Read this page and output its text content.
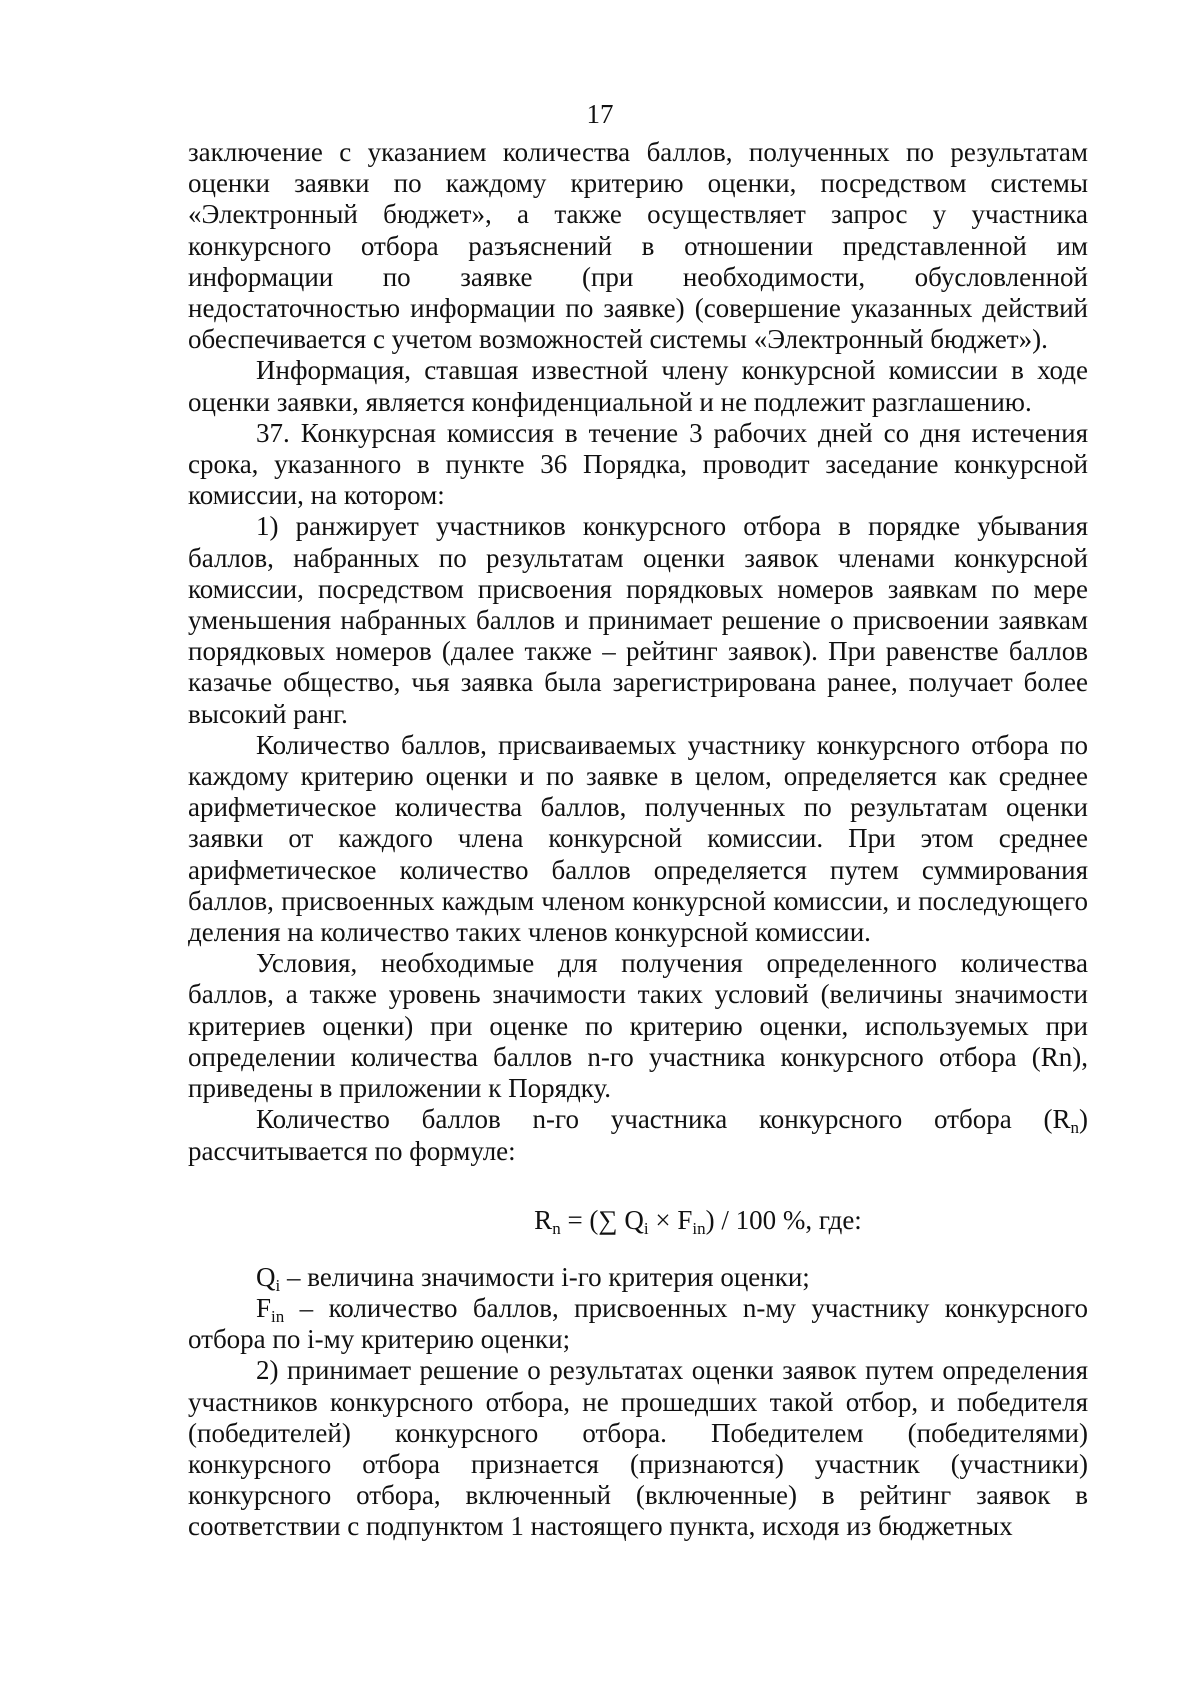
17

заключение с указанием количества баллов, полученных по результатам оценки заявки по каждому критерию оценки, посредством системы «Электронный бюджет», а также осуществляет запрос у участника конкурсного отбора разъяснений в отношении представленной им информации по заявке (при необходимости, обусловленной недостаточностью информации по заявке) (совершение указанных действий обеспечивается с учетом возможностей системы «Электронный бюджет»).

Информация, ставшая известной члену конкурсной комиссии в ходе оценки заявки, является конфиденциальной и не подлежит разглашению.

37. Конкурсная комиссия в течение 3 рабочих дней со дня истечения срока, указанного в пункте 36 Порядка, проводит заседание конкурсной комиссии, на котором:

1) ранжирует участников конкурсного отбора в порядке убывания баллов, набранных по результатам оценки заявок членами конкурсной комиссии, посредством присвоения порядковых номеров заявкам по мере уменьшения набранных баллов и принимает решение о присвоении заявкам порядковых номеров (далее также – рейтинг заявок). При равенстве баллов казачье общество, чья заявка была зарегистрирована ранее, получает более высокий ранг.

Количество баллов, присваиваемых участнику конкурсного отбора по каждому критерию оценки и по заявке в целом, определяется как среднее арифметическое количества баллов, полученных по результатам оценки заявки от каждого члена конкурсной комиссии. При этом среднее арифметическое количество баллов определяется путем суммирования баллов, присвоенных каждым членом конкурсной комиссии, и последующего деления на количество таких членов конкурсной комиссии.

Условия, необходимые для получения определенного количества баллов, а также уровень значимости таких условий (величины значимости критериев оценки) при оценке по критерию оценки, используемых при определении количества баллов n-го участника конкурсного отбора (Rn), приведены в приложении к Порядку.

Количество баллов n-го участника конкурсного отбора $(R_n)$ рассчитывается по формуле:

$R_n$ = (∑ $Q_i \times F_{in}) / 100$ %, где:

$Q_i$ – величина значимости i-го критерия оценки;

$F_{in}$ – количество баллов, присвоенных n-му участнику конкурсного отбора по i-му критерию оценки;

2) принимает решение о результатах оценки заявок путем определения участников конкурсного отбора, не прошедших такой отбор, и победителя (победителей) конкурсного отбора. Победителем (победителями) конкурсного отбора признается (признаются) участник (участники) конкурсного отбора, включенный (включенные) в рейтинг заявок в соответствии с подпунктом 1 настоящего пункта, исходя из бюджетных
